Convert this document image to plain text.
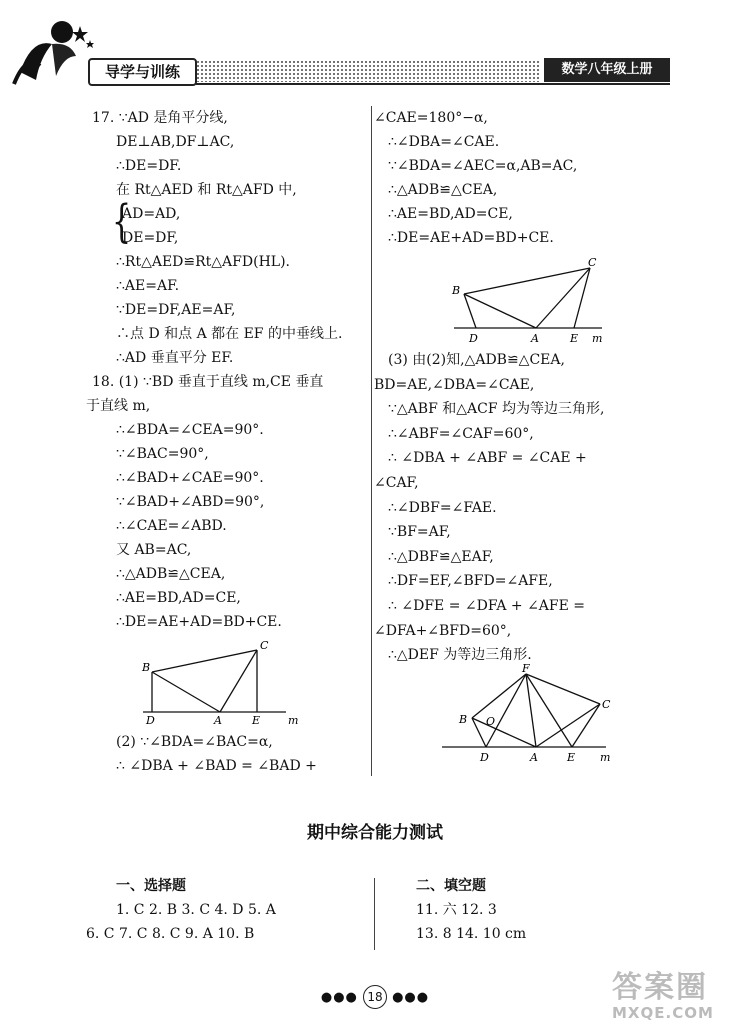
导学与训练	数学八年级上册
17. ∵AD 是角平分线,
DE⊥AB,DF⊥AC,
∴DE=DF.
在 Rt△AED 和 Rt△AFD 中,
AD=AD,
DE=DF,
∴Rt△AED≌Rt△AFD(HL).
∴AE=AF.
∵DE=DF,AE=AF,
∴点 D 和点 A 都在 EF 的中垂线上.
∴AD 垂直平分 EF.
18. (1) ∵BD 垂直于直线 m,CE 垂直
于直线 m,
∴∠BDA=∠CEA=90°.
∵∠BAC=90°,
∴∠BAD+∠CAE=90°.
∵∠BAD+∠ABD=90°,
∴∠CAE=∠ABD.
又 AB=AC,
∴△ADB≌△CEA,
∴AE=BD,AD=CE,
∴DE=AE+AD=BD+CE.
{
(2) ∵∠BDA=∠BAC=α,
∴ ∠DBA + ∠BAD = ∠BAD +
∠CAE=180°−α,
∴∠DBA=∠CAE.
∵∠BDA=∠AEC=α,AB=AC,
∴△ADB≌△CEA,
∴AE=BD,AD=CE,
∴DE=AE+AD=BD+CE.
(3) 由(2)知,△ADB≌△CEA,
BD=AE,∠DBA=∠CAE,
∵△ABF 和△ACF 均为等边三角形,
∴∠ABF=∠CAF=60°,
∴ ∠DBA + ∠ABF = ∠CAE +
∠CAF,
∴∠DBF=∠FAE.
∵BF=AF,
∴△DBF≌△EAF,
∴DF=EF,∠BFD=∠AFE,
∴ ∠DFE = ∠DFA + ∠AFE =
∠DFA+∠BFD=60°,
∴△DEF 为等边三角形.
B
C
D	A	E	m
B
C
D	A	E m
F
B O
C
D	A	E m
期中综合能力测试
一、选择题
1. C 2. B 3. C 4. D 5. A
6. C 7. C 8. C 9. A 10. B
二、填空题
11. 六 12. 3
13. 8 14. 10 cm
●●● 18 ●●●	答案圈
MXQE.COM
